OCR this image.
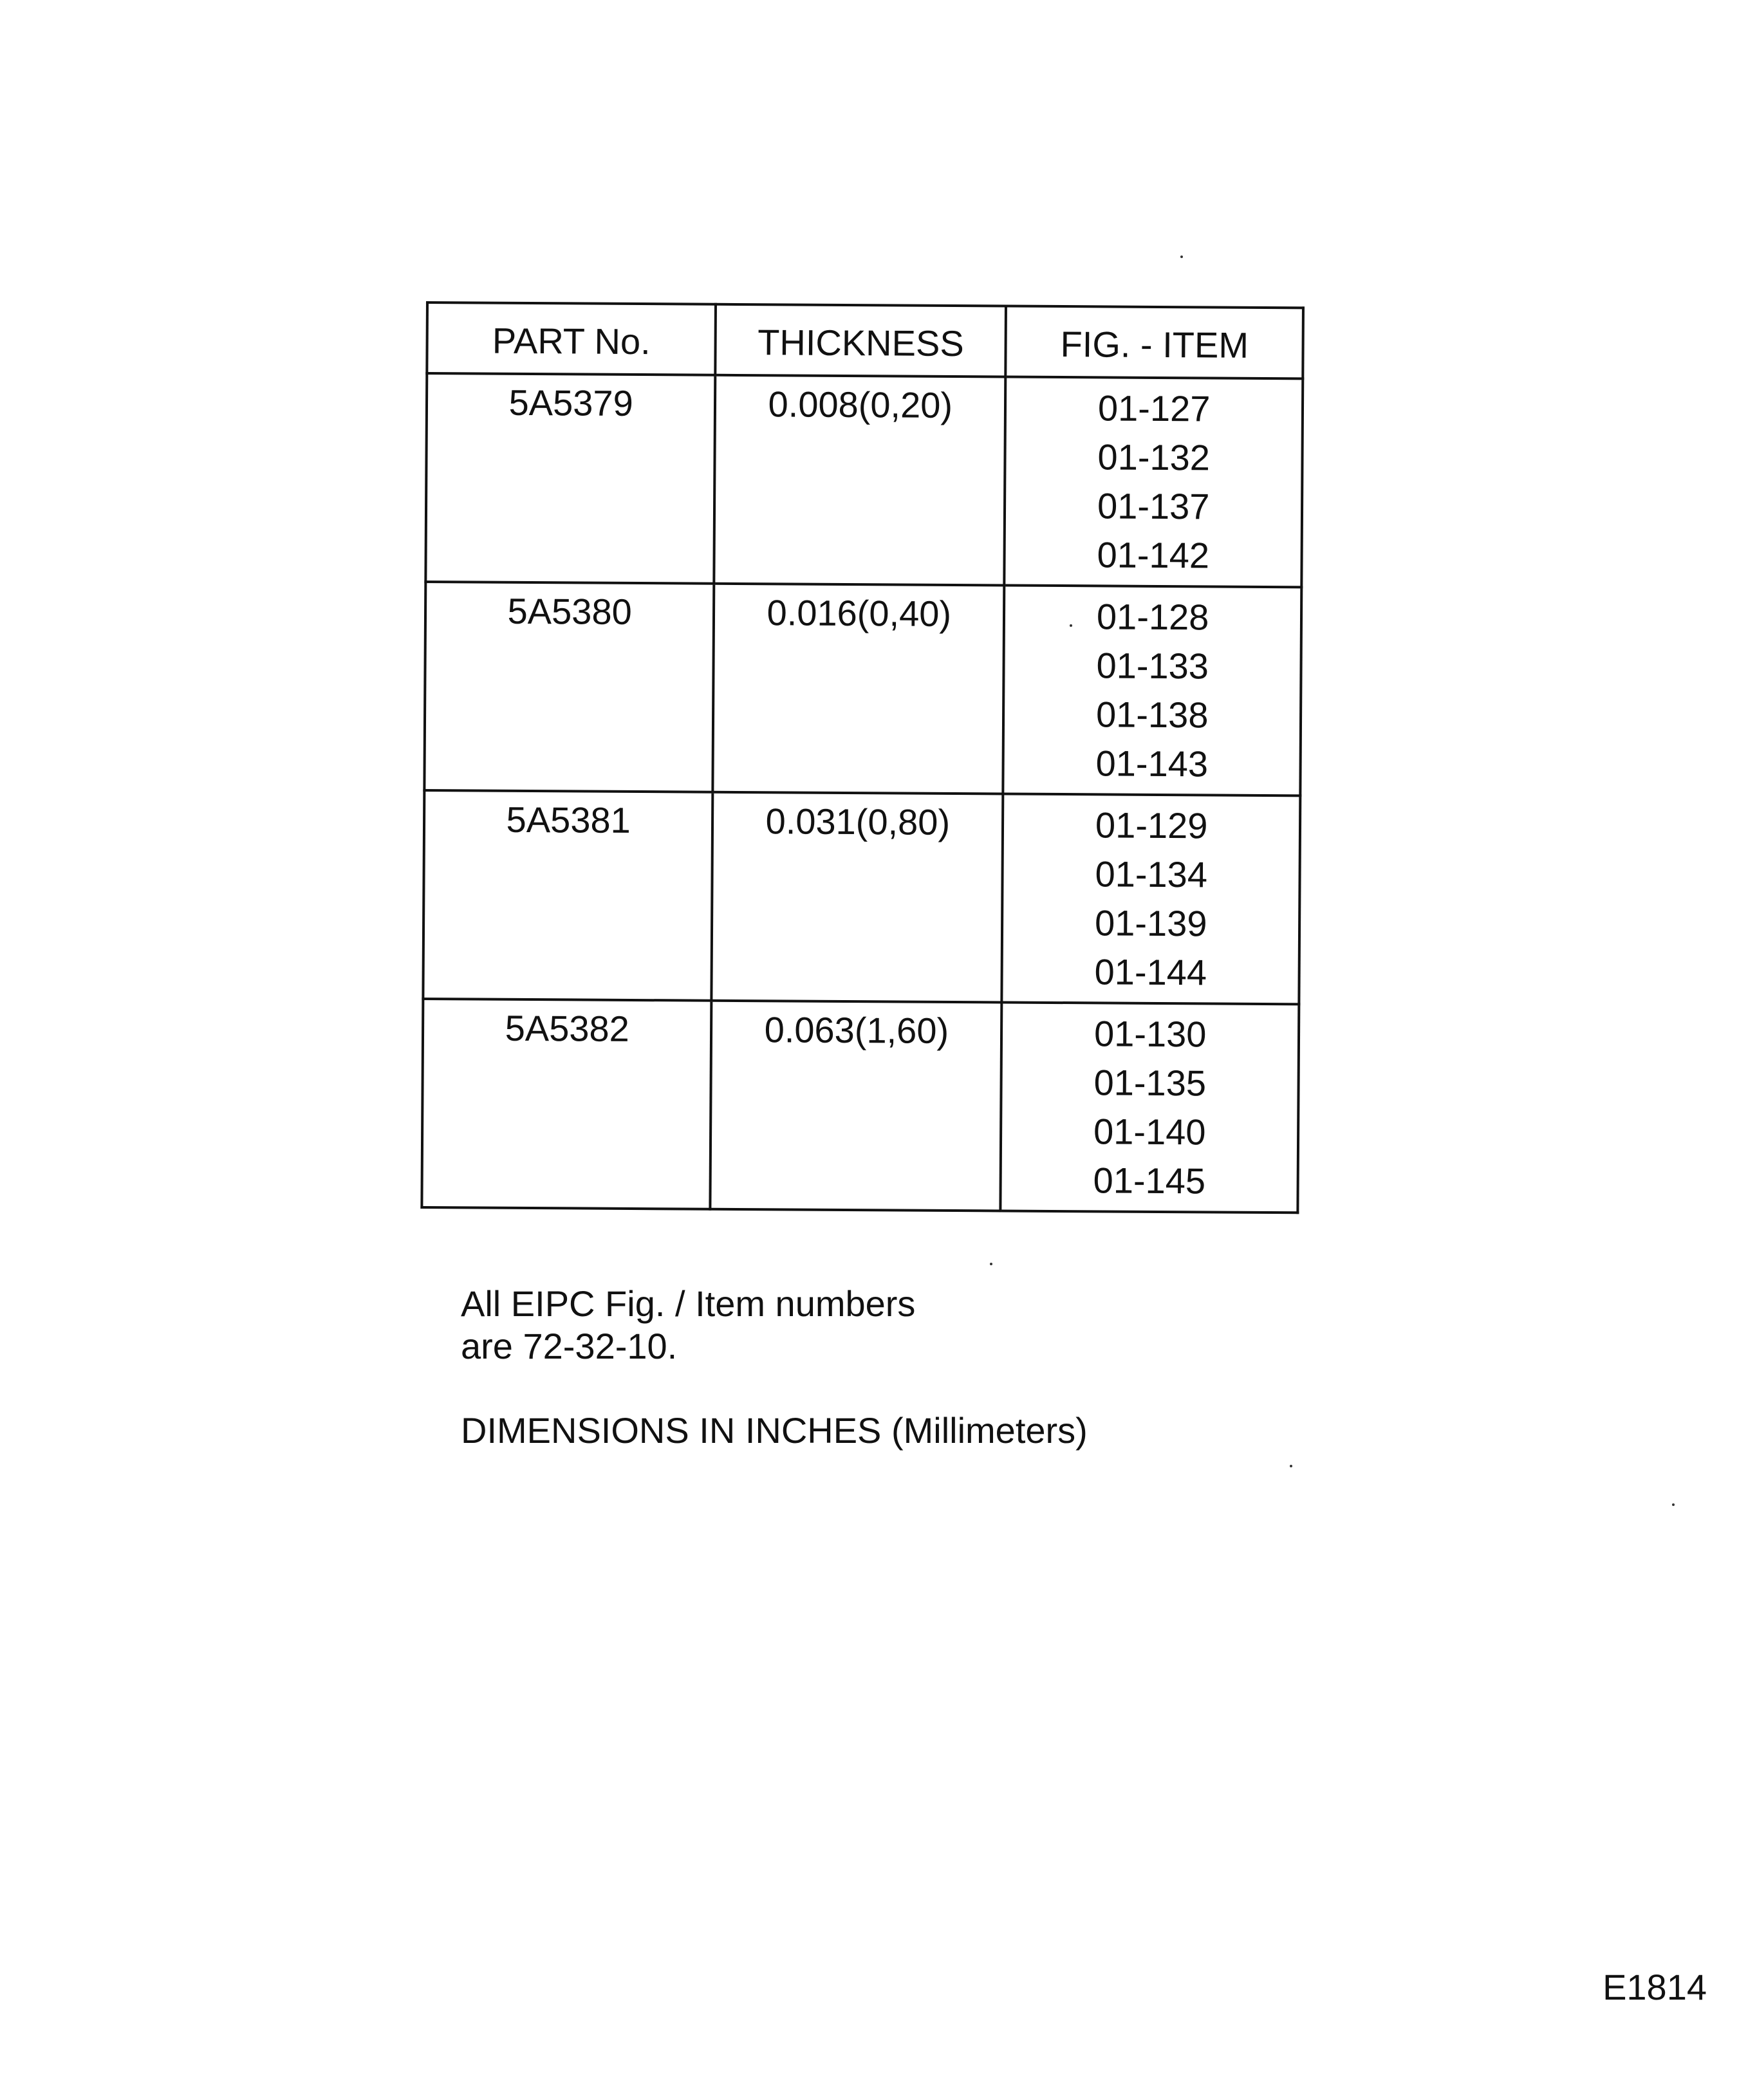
PART No.	THICKNESS	FIG. - ITEM
5A5379	0.008(0,20)	01-127
01-132
01-137
01-142

5A5380	0.016(0,40)	01-128
01-133
01-138
01-143

5A5381	0.031(0,80)	01-129
01-134
01-139
01-144

5A5382	0.063(1,60)	01-130
01-135
01-140
01-145
All EIPC Fig. / Item numbers
are 72-32-10.
DIMENSIONS IN INCHES (Millimeters)
E1814
